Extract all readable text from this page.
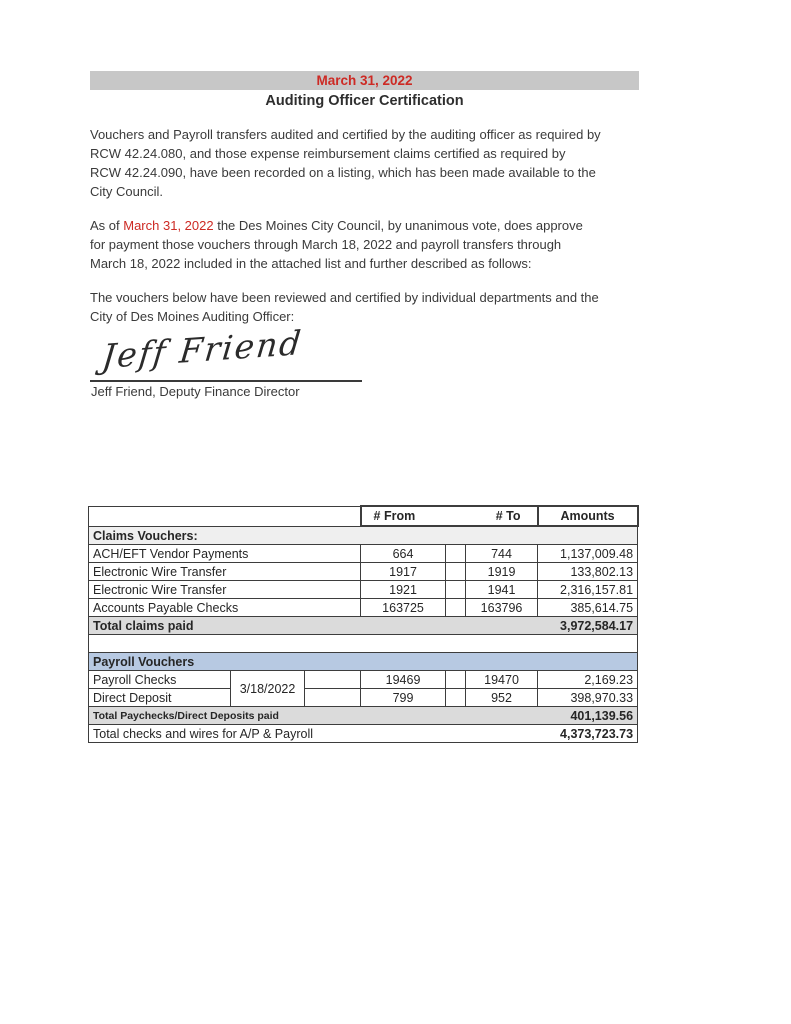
March 31, 2022
Auditing Officer Certification
Vouchers and Payroll transfers audited and certified by the auditing officer as required by
RCW 42.24.080, and those expense reimbursement claims certified as required by
RCW 42.24.090, have been recorded on a listing, which has been made available to the
City Council.
As of March 31, 2022 the Des Moines City Council, by unanimous vote, does approve
for payment those vouchers through March 18, 2022 and payroll transfers through
March 18, 2022 included in the attached list and further described as follows:
The vouchers below have been reviewed and certified by individual departments and the
City of Des Moines Auditing Officer:
Jeff Friend
Jeff Friend, Deputy Finance Director

			# From # To			Amounts
Claims Vouchers:						
ACH/EFT Vendor Payments			664		744	1,137,009.48
Electronic Wire Transfer			1917		1919	133,802.13
Electronic Wire Transfer			1921		1941	2,316,157.81
Accounts Payable Checks			163725		163796	385,614.75

Total claims paid 3,972,584.17						

Payroll Vouchers						
Payroll Checks	3/18/2022		19469		19470	2,169.23
Direct Deposit			799		952	398,970.33

Total Paychecks/Direct Deposits paid 401,139.56						

Total checks and wires for A/P & Payroll 4,373,723.73						
